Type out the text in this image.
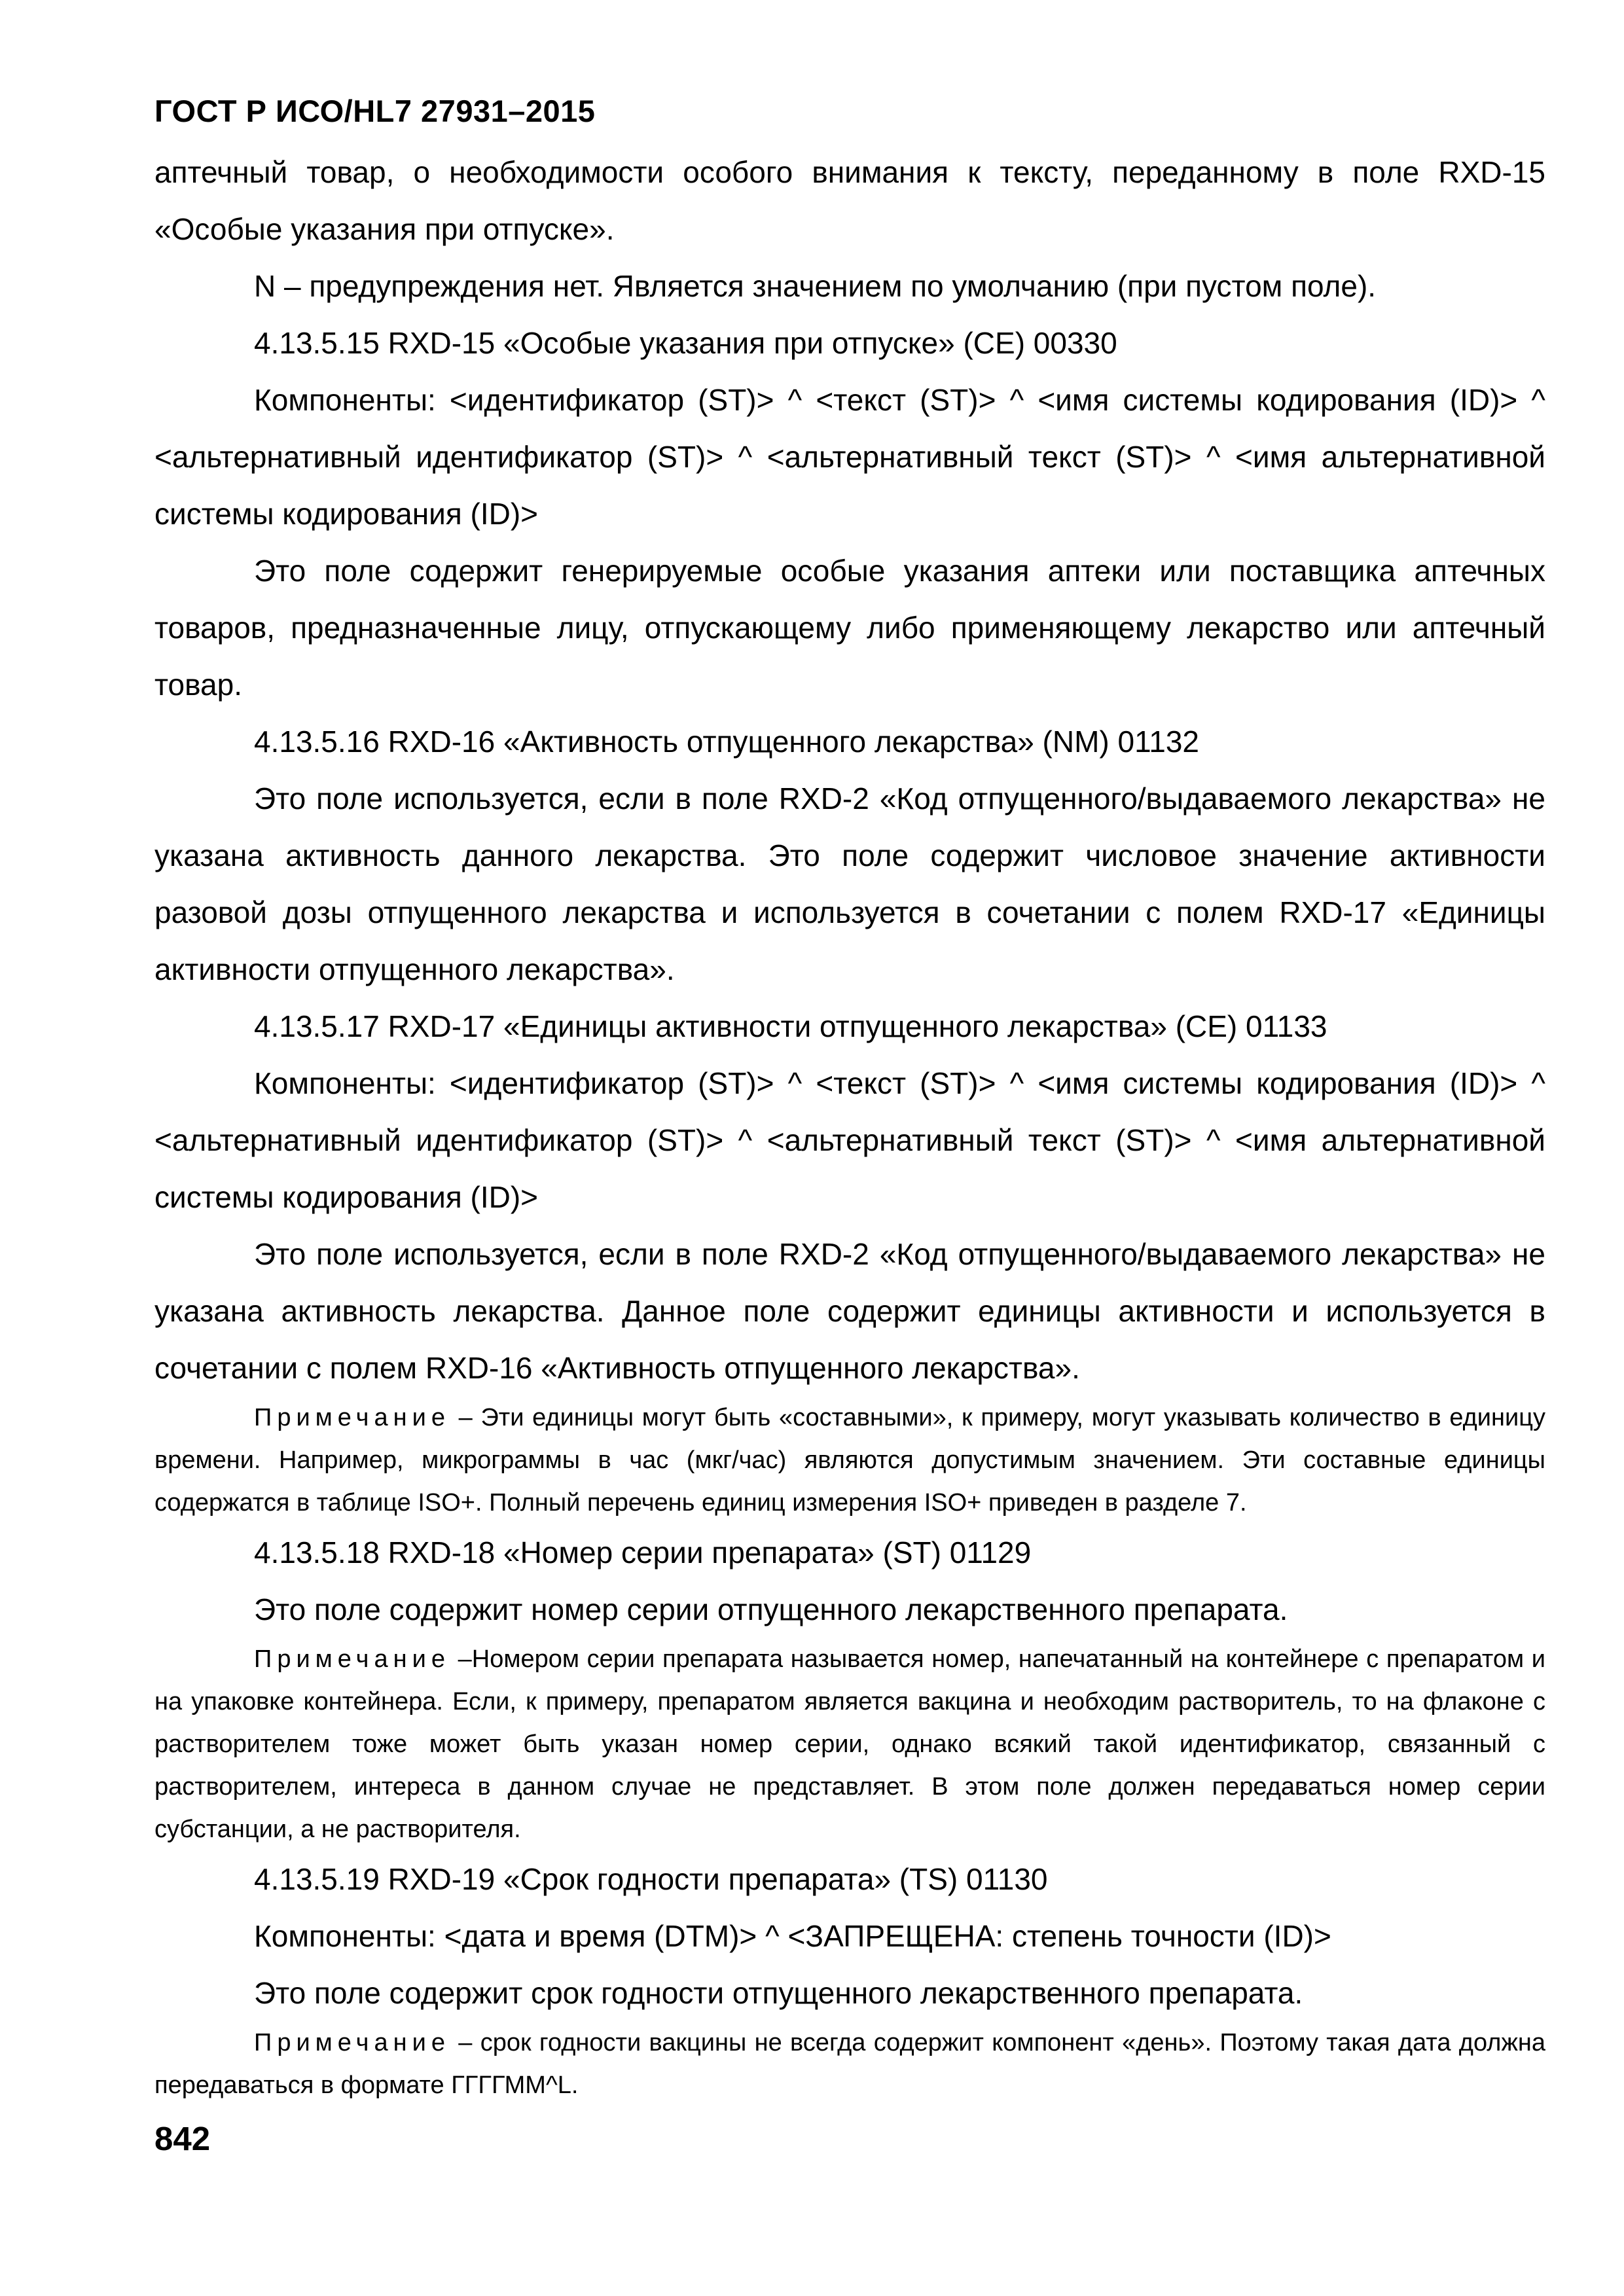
ГОСТ Р ИСО/HL7 27931–2015

аптечный товар, о необходимости особого внимания к тексту, переданному в поле RXD-15 «Особые указания при отпуске».

N – предупреждения нет. Является значением по умолчанию (при пустом поле).

4.13.5.15 RXD-15 «Особые указания при отпуске» (CE) 00330

Компоненты: <идентификатор (ST)> ^ <текст (ST)> ^ <имя системы кодирования (ID)> ^ <альтернативный идентификатор (ST)> ^ <альтернативный текст (ST)> ^ <имя альтернативной системы кодирования (ID)>

Это поле содержит генерируемые особые указания аптеки или поставщика аптечных товаров, предназначенные лицу, отпускающему либо применяющему лекарство или аптечный товар.

4.13.5.16 RXD-16 «Активность отпущенного лекарства» (NM) 01132

Это поле используется, если в поле RXD-2 «Код отпущенного/выдаваемого лекарства» не указана активность данного лекарства. Это поле содержит числовое значение активности разовой дозы отпущенного лекарства и используется в сочетании с полем RXD-17 «Единицы активности отпущенного лекарства».

4.13.5.17 RXD-17 «Единицы активности отпущенного лекарства» (CE) 01133

Компоненты: <идентификатор (ST)> ^ <текст (ST)> ^ <имя системы кодирования (ID)> ^ <альтернативный идентификатор (ST)> ^ <альтернативный текст (ST)> ^ <имя альтернативной системы кодирования (ID)>

Это поле используется, если в поле RXD-2 «Код отпущенного/выдаваемого лекарства» не указана активность лекарства. Данное поле содержит единицы активности и используется в сочетании с полем RXD-16 «Активность отпущенного лекарства».

Примечание – Эти единицы могут быть «составными», к примеру, могут указывать количество в единицу времени. Например, микрограммы в час (мкг/час) являются допустимым значением. Эти составные единицы содержатся в таблице ISO+. Полный перечень единиц измерения ISO+ приведен в разделе 7.

4.13.5.18 RXD-18 «Номер серии препарата» (ST) 01129

Это поле содержит номер серии отпущенного лекарственного препарата.

Примечание –Номером серии препарата называется номер, напечатанный на контейнере с препаратом и на упаковке контейнера. Если, к примеру, препаратом является вакцина и необходим растворитель, то на флаконе с растворителем тоже может быть указан номер серии, однако всякий такой идентификатор, связанный с растворителем, интереса в данном случае не представляет. В этом поле должен передаваться номер серии субстанции, а не растворителя.

4.13.5.19 RXD-19 «Срок годности препарата» (TS) 01130

Компоненты: <дата и время (DTM)> ^ <ЗАПРЕЩЕНА: степень точности (ID)>

Это поле содержит срок годности отпущенного лекарственного препарата.

Примечание – срок годности вакцины не всегда содержит компонент «день». Поэтому такая дата должна передаваться в формате ГГГГММ^L.

842
